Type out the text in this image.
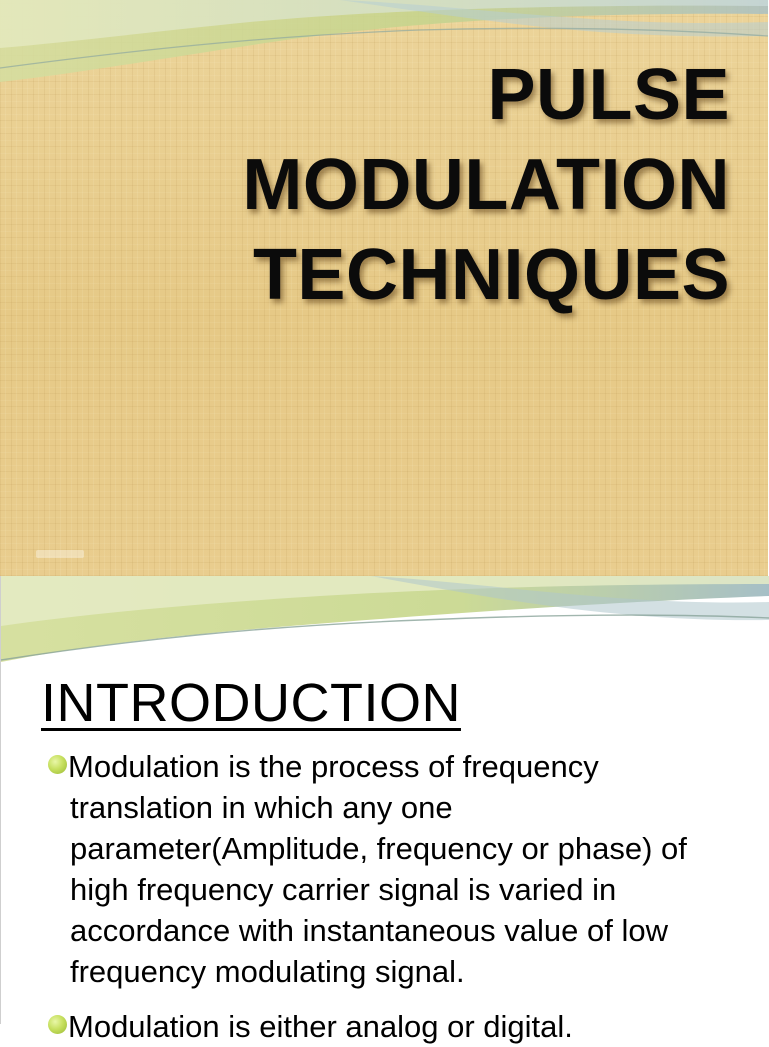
PULSE
MODULATION
TECHNIQUES
INTRODUCTION
Modulation is the process of frequency translation in which any one parameter(Amplitude, frequency or phase) of high frequency carrier signal is varied in accordance with instantaneous value of low frequency modulating signal.
Modulation is either analog or digital.
